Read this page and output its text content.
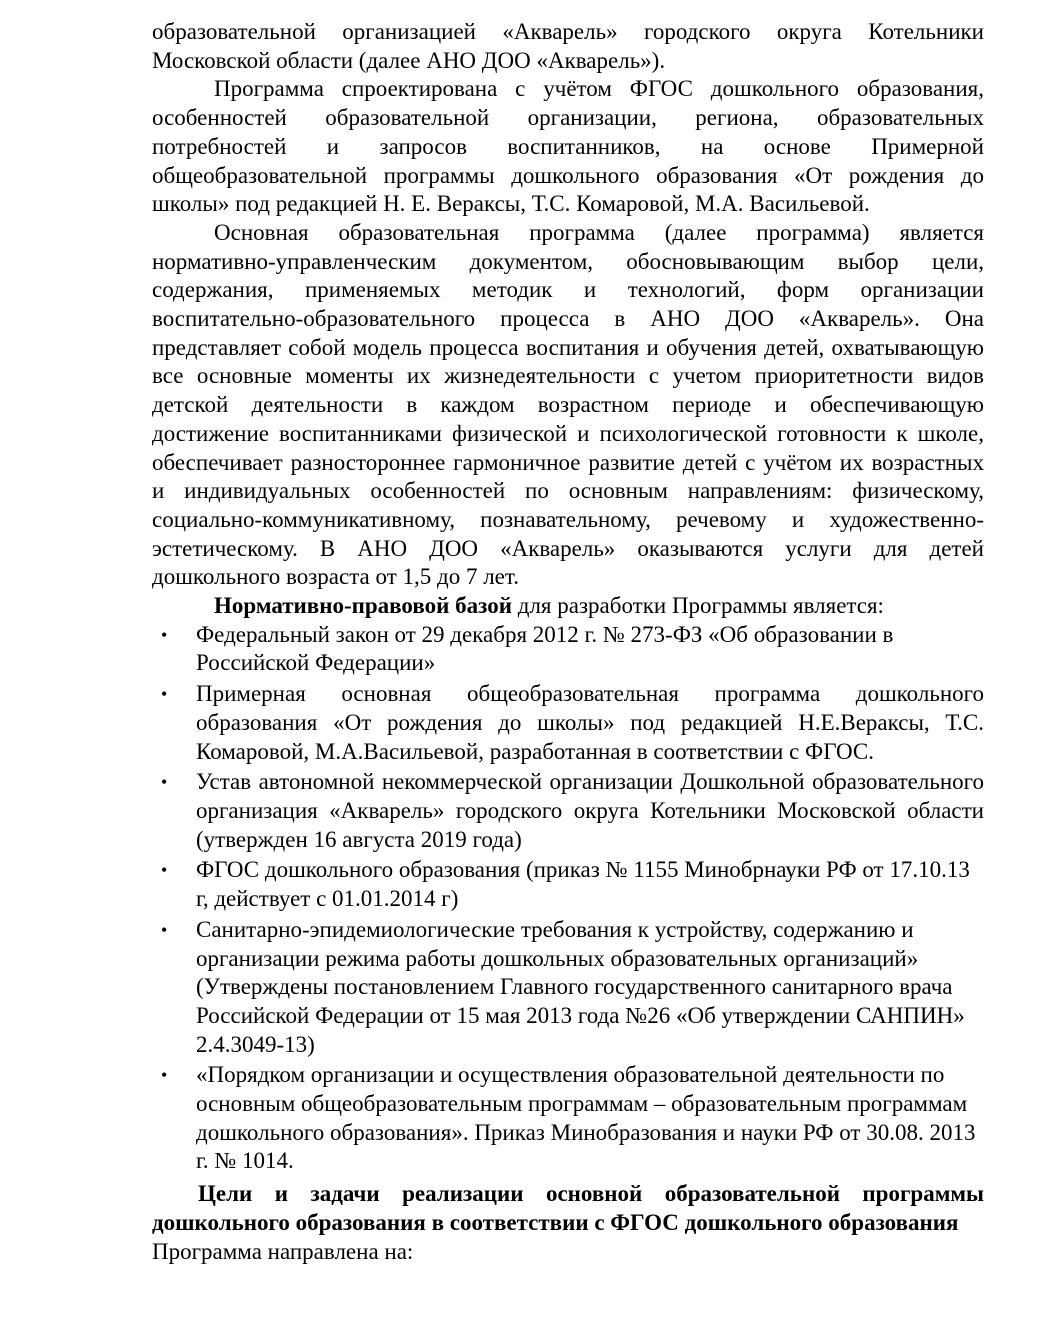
образовательной организацией «Акварель» городского округа Котельники Московской области (далее АНО ДОО «Акварель»).

Программа спроектирована с учётом ФГОС дошкольного образования, особенностей образовательной организации, региона, образовательных потребностей и запросов воспитанников, на основе Примерной общеобразовательной программы дошкольного образования «От рождения до школы» под редакцией Н. Е. Вераксы, Т.С. Комаровой, М.А. Васильевой.

Основная образовательная программа (далее программа) является нормативно-управленческим документом, обосновывающим выбор цели, содержания, применяемых методик и технологий, форм организации воспитательно-образовательного процесса в АНО ДОО «Акварель». Она представляет собой модель процесса воспитания и обучения детей, охватывающую все основные моменты их жизнедеятельности с учетом приоритетности видов детской деятельности в каждом возрастном периоде и обеспечивающую достижение воспитанниками физической и психологической готовности к школе, обеспечивает разностороннее гармоничное развитие детей с учётом их возрастных и индивидуальных особенностей по основным направлениям: физическому, социально-коммуникативному, познавательному, речевому и художественно-эстетическому. В АНО ДОО «Акварель» оказываются услуги для детей дошкольного возраста от 1,5 до 7 лет.

Нормативно-правовой базой для разработки Программы является:

• Федеральный закон от 29 декабря 2012 г. № 273-ФЗ «Об образовании в Российской Федерации»
• Примерная основная общеобразовательная программа дошкольного образования «От рождения до школы» под редакцией Н.Е.Вераксы, Т.С. Комаровой, М.А.Васильевой, разработанная в соответствии с ФГОС.
• Устав автономной некоммерческой организации Дошкольной образовательного организация «Акварель» городского округа Котельники Московской области (утвержден 16 августа 2019 года)
• ФГОС дошкольного образования (приказ № 1155 Минобрнауки РФ от 17.10.13 г, действует с 01.01.2014 г)
• Санитарно-эпидемиологические требования к устройству, содержанию и организации режима работы дошкольных образовательных организаций» (Утверждены постановлением Главного государственного санитарного врача Российской Федерации от 15 мая 2013 года №26 «Об утверждении САНПИН» 2.4.3049-13)
• «Порядком организации и осуществления образовательной деятельности по основным общеобразовательным программам – образовательным программам дошкольного образования». Приказ Минобразования и науки РФ от 30.08. 2013 г. № 1014.

Цели и задачи реализации основной образовательной программы дошкольного образования в соответствии с ФГОС дошкольного образования

Программа направлена на:
